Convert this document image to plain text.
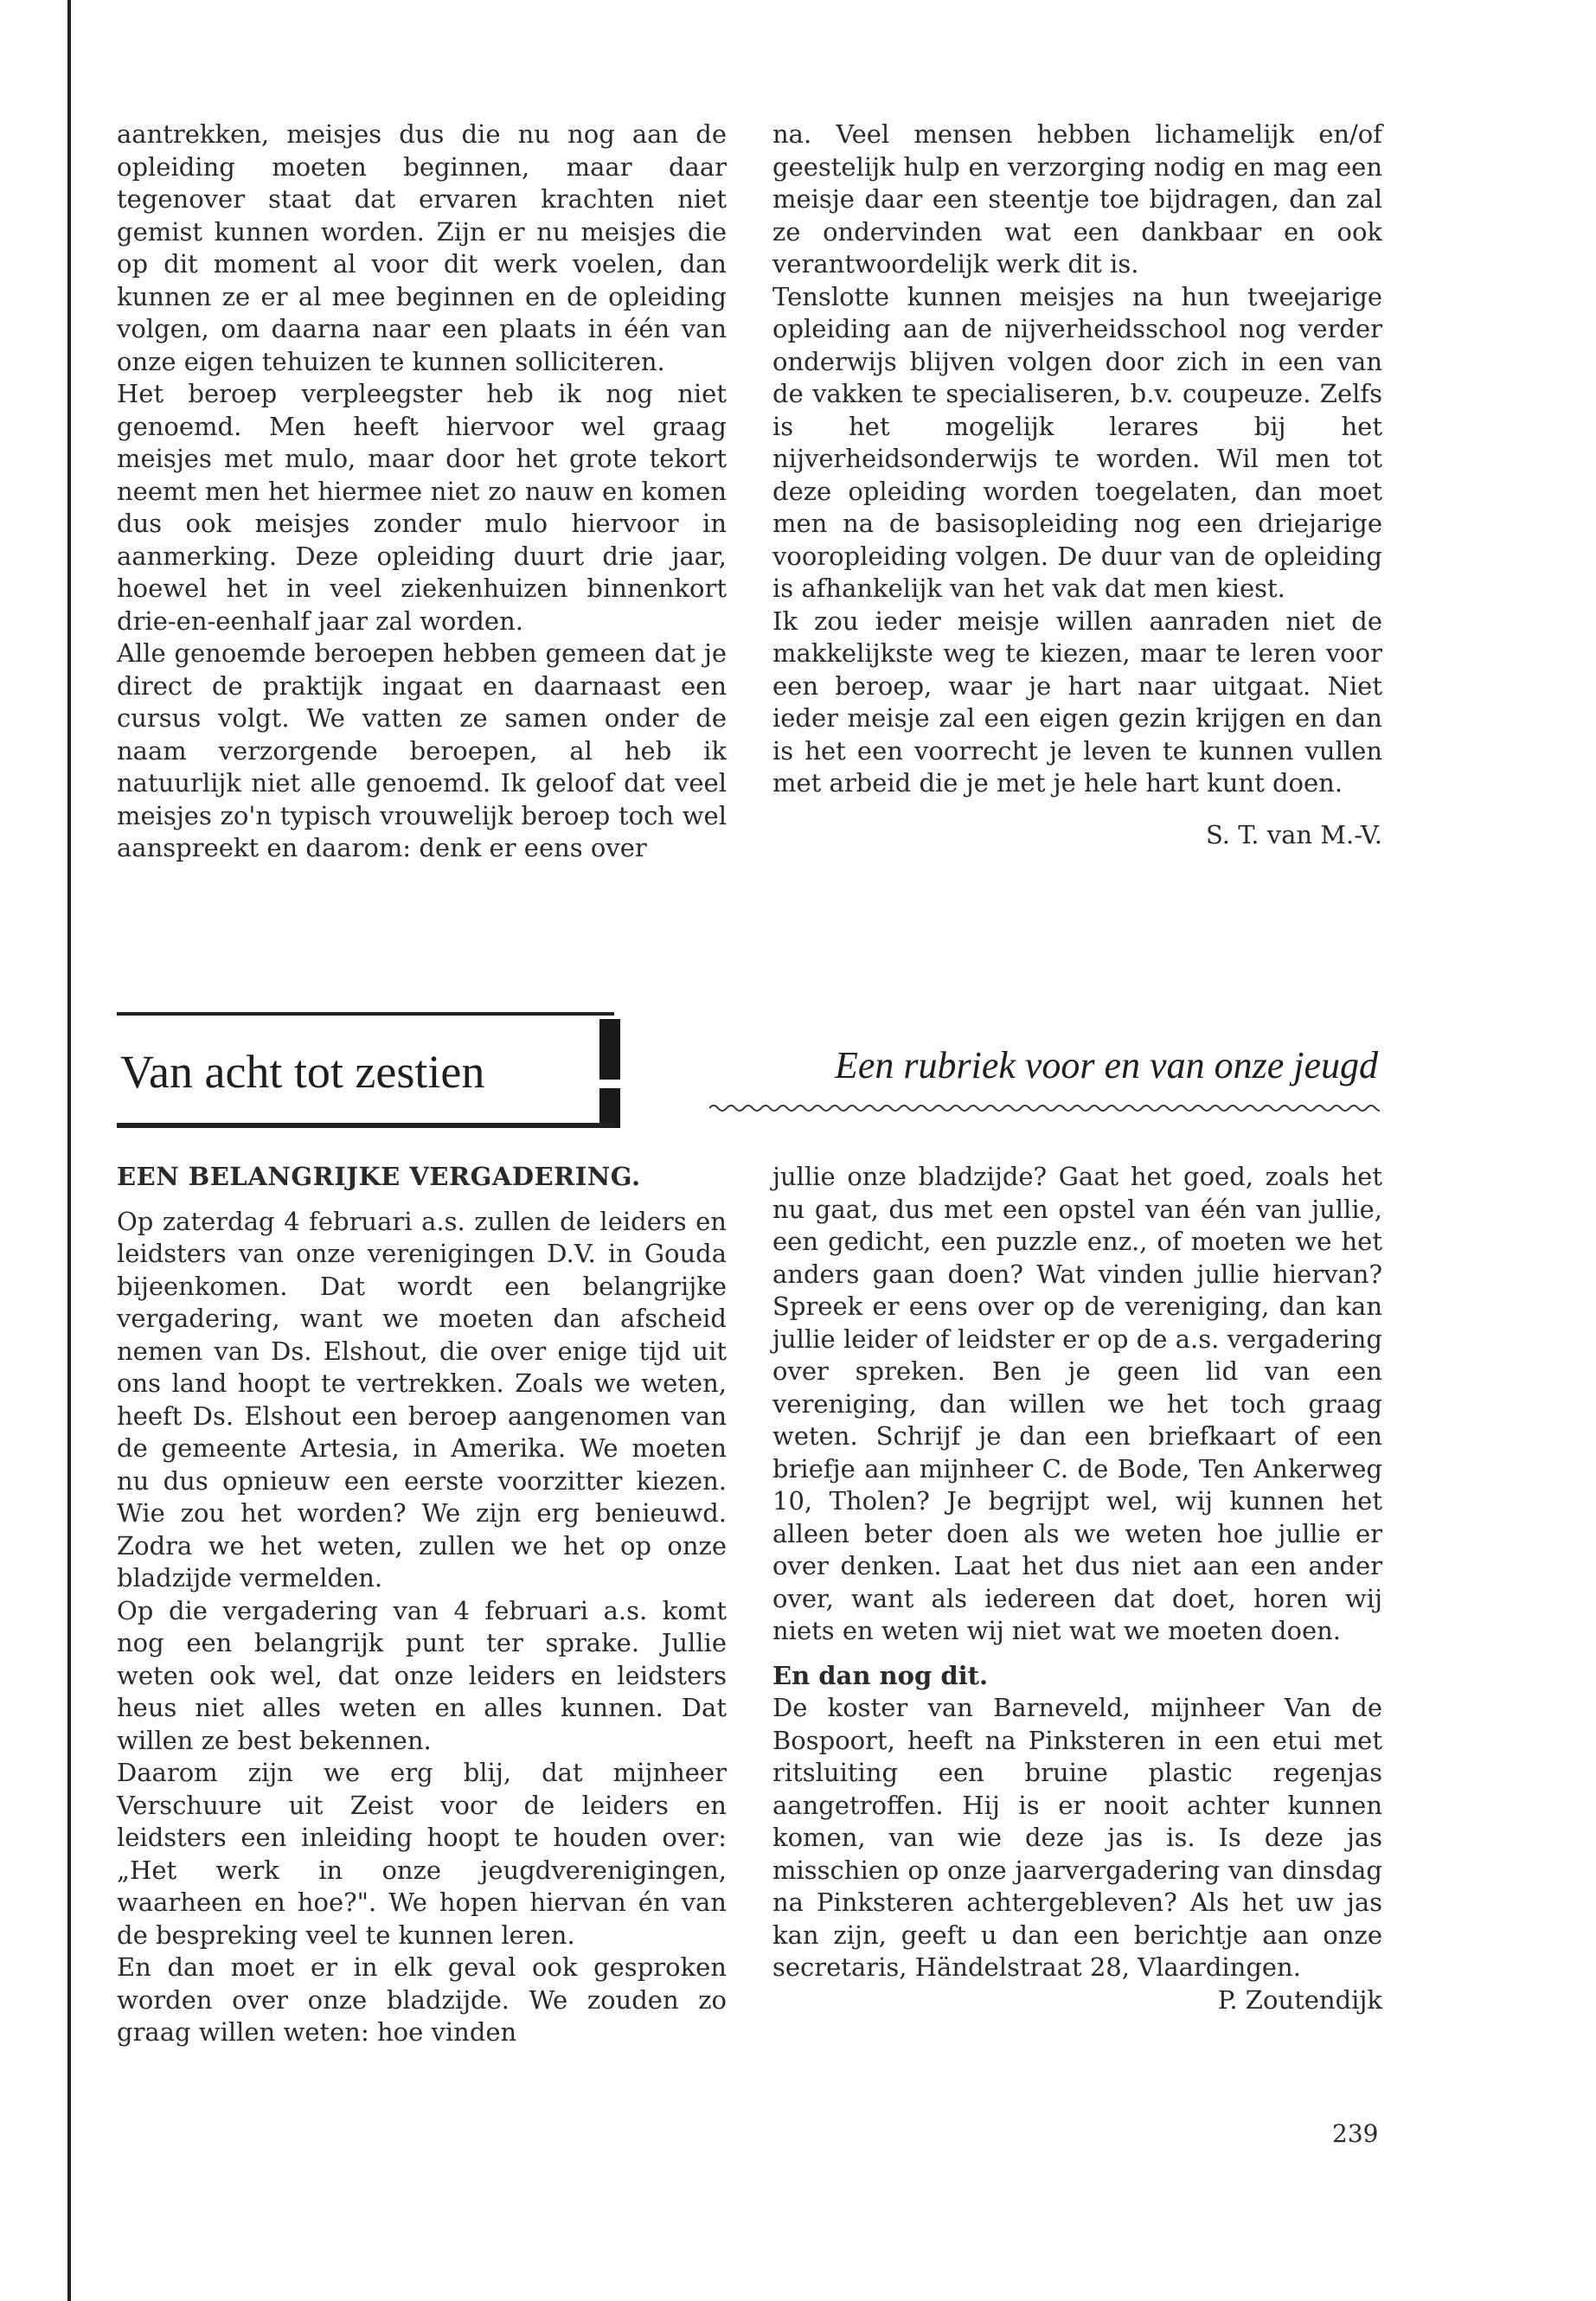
aantrekken, meisjes dus die nu nog aan de opleiding moeten beginnen, maar daar tegenover staat dat ervaren krachten niet gemist kunnen worden. Zijn er nu meisjes die op dit moment al voor dit werk voelen, dan kunnen ze er al mee beginnen en de opleiding volgen, om daarna naar een plaats in één van onze eigen tehuizen te kunnen solliciteren.

Het beroep verpleegster heb ik nog niet genoemd. Men heeft hiervoor wel graag meisjes met mulo, maar door het grote tekort neemt men het hiermee niet zo nauw en komen dus ook meisjes zonder mulo hiervoor in aanmerking. Deze opleiding duurt drie jaar, hoewel het in veel ziekenhuizen binnenkort drie-en-eenhalf jaar zal worden.

Alle genoemde beroepen hebben gemeen dat je direct de praktijk ingaat en daarnaast een cursus volgt. We vatten ze samen onder de naam verzorgende beroepen, al heb ik natuurlijk niet alle genoemd. Ik geloof dat veel meisjes zo'n typisch vrouwelijk beroep toch wel aanspreekt en daarom: denk er eens over

na. Veel mensen hebben lichamelijk en/of geestelijk hulp en verzorging nodig en mag een meisje daar een steentje toe bijdragen, dan zal ze ondervinden wat een dankbaar en ook verantwoordelijk werk dit is.

Tenslotte kunnen meisjes na hun tweejarige opleiding aan de nijverheidsschool nog verder onderwijs blijven volgen door zich in een van de vakken te specialiseren, b.v. coupeuze. Zelfs is het mogelijk lerares bij het nijverheidsonderwijs te worden. Wil men tot deze opleiding worden toegelaten, dan moet men na de basisopleiding nog een driejarige vooropleiding volgen. De duur van de opleiding is afhankelijk van het vak dat men kiest.

Ik zou ieder meisje willen aanraden niet de makkelijkste weg te kiezen, maar te leren voor een beroep, waar je hart naar uitgaat. Niet ieder meisje zal een eigen gezin krijgen en dan is het een voorrecht je leven te kunnen vullen met arbeid die je met je hele hart kunt doen.

S. T. van M.-V.

Van acht tot zestien	Een rubriek voor en van onze jeugd

EEN BELANGRIJKE VERGADERING.

Op zaterdag 4 februari a.s. zullen de leiders en leidsters van onze verenigingen D.V. in Gouda bijeenkomen. Dat wordt een belangrijke vergadering, want we moeten dan afscheid nemen van Ds. Elshout, die over enige tijd uit ons land hoopt te vertrekken. Zoals we weten, heeft Ds. Elshout een beroep aangenomen van de gemeente Artesia, in Amerika. We moeten nu dus opnieuw een eerste voorzitter kiezen. Wie zou het worden? We zijn erg benieuwd. Zodra we het weten, zullen we het op onze bladzijde vermelden.

Op die vergadering van 4 februari a.s. komt nog een belangrijk punt ter sprake. Jullie weten ook wel, dat onze leiders en leidsters heus niet alles weten en alles kunnen. Dat willen ze best bekennen.

Daarom zijn we erg blij, dat mijnheer Verschuure uit Zeist voor de leiders en leidsters een inleiding hoopt te houden over: „Het werk in onze jeugdverenigingen, waarheen en hoe?". We hopen hiervan én van de bespreking veel te kunnen leren.

En dan moet er in elk geval ook gesproken worden over onze bladzijde. We zouden zo graag willen weten: hoe vinden

jullie onze bladzijde? Gaat het goed, zoals het nu gaat, dus met een opstel van één van jullie, een gedicht, een puzzle enz., of moeten we het anders gaan doen? Wat vinden jullie hiervan? Spreek er eens over op de vereniging, dan kan jullie leider of leidster er op de a.s. vergadering over spreken. Ben je geen lid van een vereniging, dan willen we het toch graag weten. Schrijf je dan een briefkaart of een briefje aan mijnheer C. de Bode, Ten Ankerweg 10, Tholen? Je begrijpt wel, wij kunnen het alleen beter doen als we weten hoe jullie er over denken. Laat het dus niet aan een ander over, want als iedereen dat doet, horen wij niets en weten wij niet wat we moeten doen.

En dan nog dit.

De koster van Barneveld, mijnheer Van de Bospoort, heeft na Pinksteren in een etui met ritsluiting een bruine plastic regenjas aangetroffen. Hij is er nooit achter kunnen komen, van wie deze jas is. Is deze jas misschien op onze jaarvergadering van dinsdag na Pinksteren achtergebleven? Als het uw jas kan zijn, geeft u dan een berichtje aan onze secretaris, Händelstraat 28, Vlaardingen.

P. Zoutendijk

239
